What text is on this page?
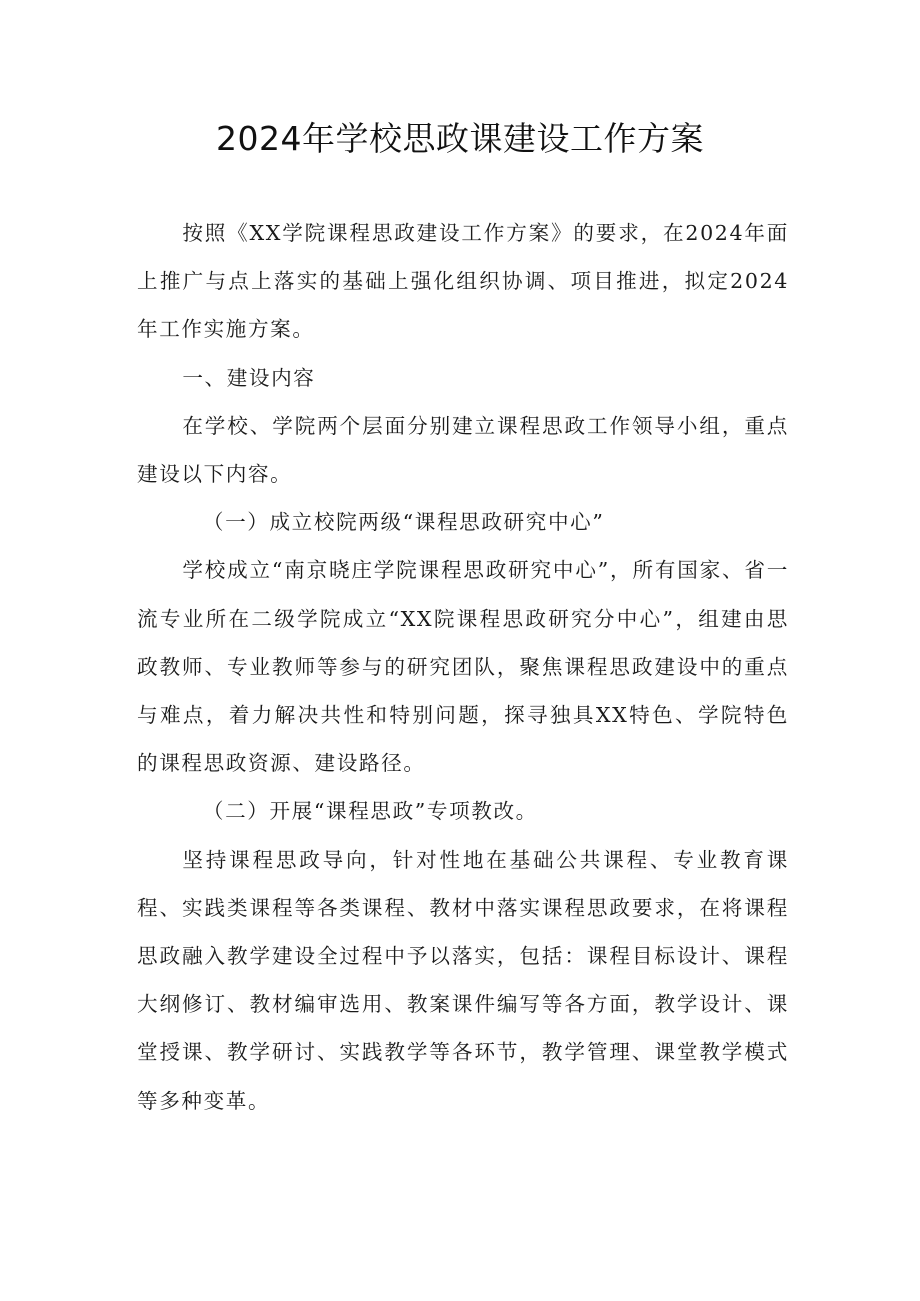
2024年学校思政课建设工作方案

按照《XX学院课程思政建设工作方案》的要求，在2024年面上推广与点上落实的基础上强化组织协调、项目推进，拟定2024年工作实施方案。

一、建设内容

在学校、学院两个层面分别建立课程思政工作领导小组，重点建设以下内容。

（一）成立校院两级“课程思政研究中心”

学校成立“南京晓庄学院课程思政研究中心”，所有国家、省一流专业所在二级学院成立“XX院课程思政研究分中心”，组建由思政教师、专业教师等参与的研究团队，聚焦课程思政建设中的重点与难点，着力解决共性和特别问题，探寻独具XX特色、学院特色的课程思政资源、建设路径。

（二）开展“课程思政”专项教改。

坚持课程思政导向，针对性地在基础公共课程、专业教育课程、实践类课程等各类课程、教材中落实课程思政要求，在将课程思政融入教学建设全过程中予以落实，包括：课程目标设计、课程大纲修订、教材编审选用、教案课件编写等各方面，教学设计、课堂授课、教学研讨、实践教学等各环节，教学管理、课堂教学模式等多种变革。
